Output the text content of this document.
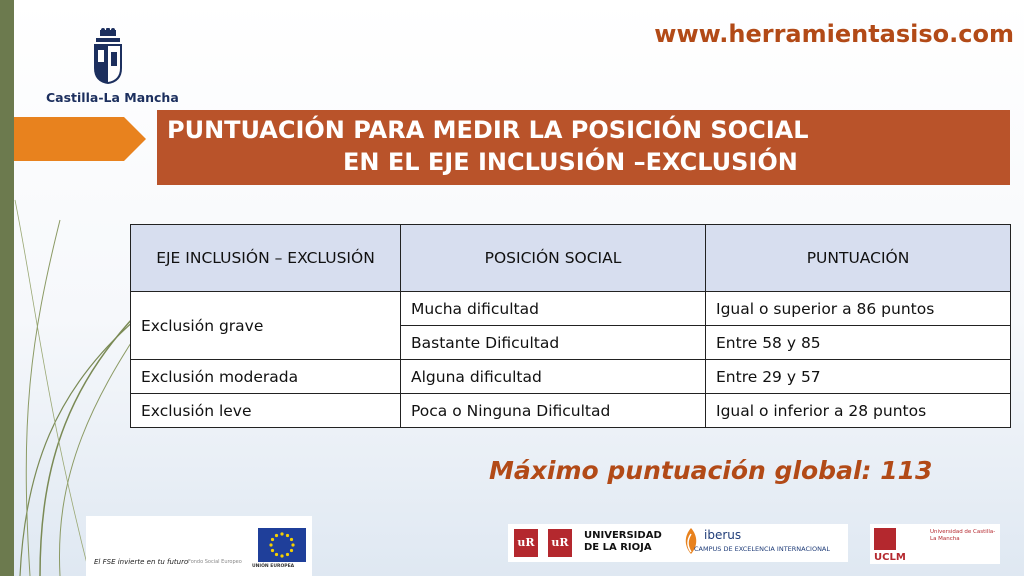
Castilla-La Mancha
www.herramientasiso.com
PUNTUACIÓN PARA MEDIR LA POSICIÓN SOCIAL
EN EL EJE INCLUSIÓN –EXCLUSIÓN
EJE INCLUSIÓN – EXCLUSIÓN	POSICIÓN SOCIAL	PUNTUACIÓN
Exclusión grave	Mucha dificultad	Igual o superior a 86 puntos
	Bastante Dificultad	Entre 58 y 85
Exclusión moderada	Alguna dificultad	Entre 29 y 57
Exclusión leve	Poca o Ninguna Dificultad	Igual o inferior a 28 puntos
Máximo puntuación global: 113
El FSE invierte en tu futuro Fondo Social Europeo
UNIÓN EUROPEA
uR	uR
UNIVERSIDAD DE LA RIOJA
iberus
CAMPUS DE EXCELENCIA INTERNACIONAL
UCLM
Universidad de Castilla-La Mancha
